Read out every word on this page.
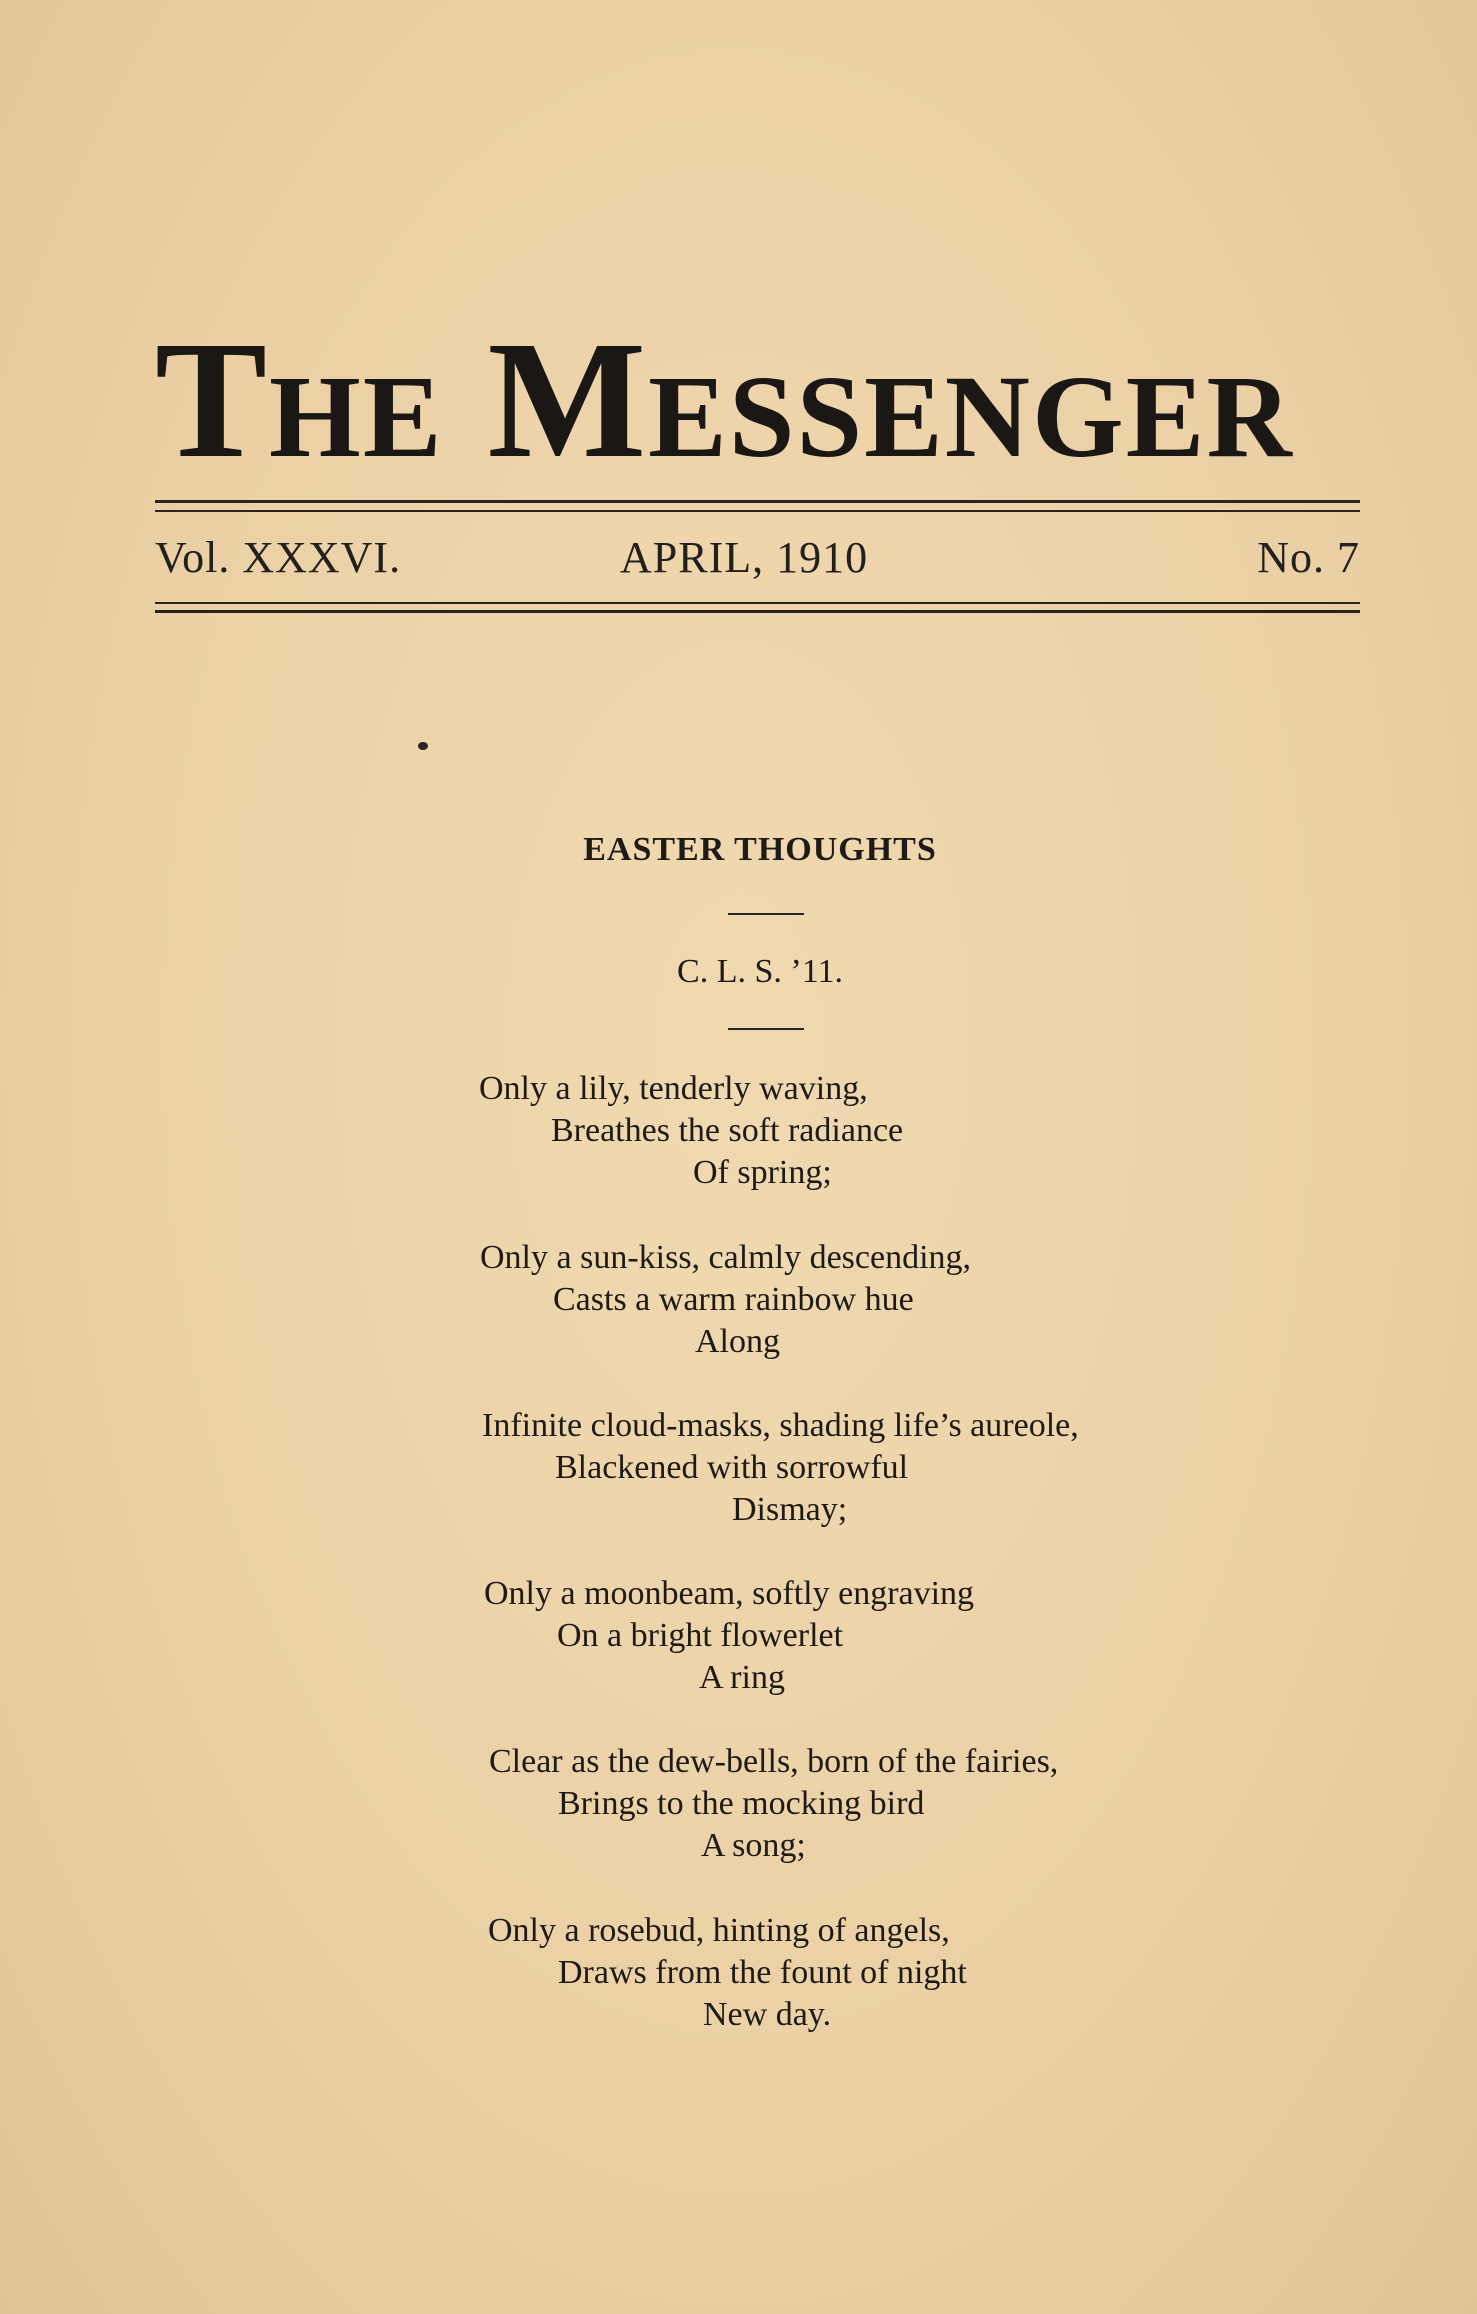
The Messenger
Vol. XXXVI.	APRIL, 1910	No. 7
EASTER THOUGHTS
C. L. S. ’11.
Only a lily, tenderly waving,
Breathes the soft radiance
Of spring;
Only a sun-kiss, calmly descending,
Casts a warm rainbow hue
Along
Infinite cloud-masks, shading life’s aureole,
Blackened with sorrowful
Dismay;
Only a moonbeam, softly engraving
On a bright flowerlet
A ring
Clear as the dew-bells, born of the fairies,
Brings to the mocking bird
A song;
Only a rosebud, hinting of angels,
Draws from the fount of night
New day.
